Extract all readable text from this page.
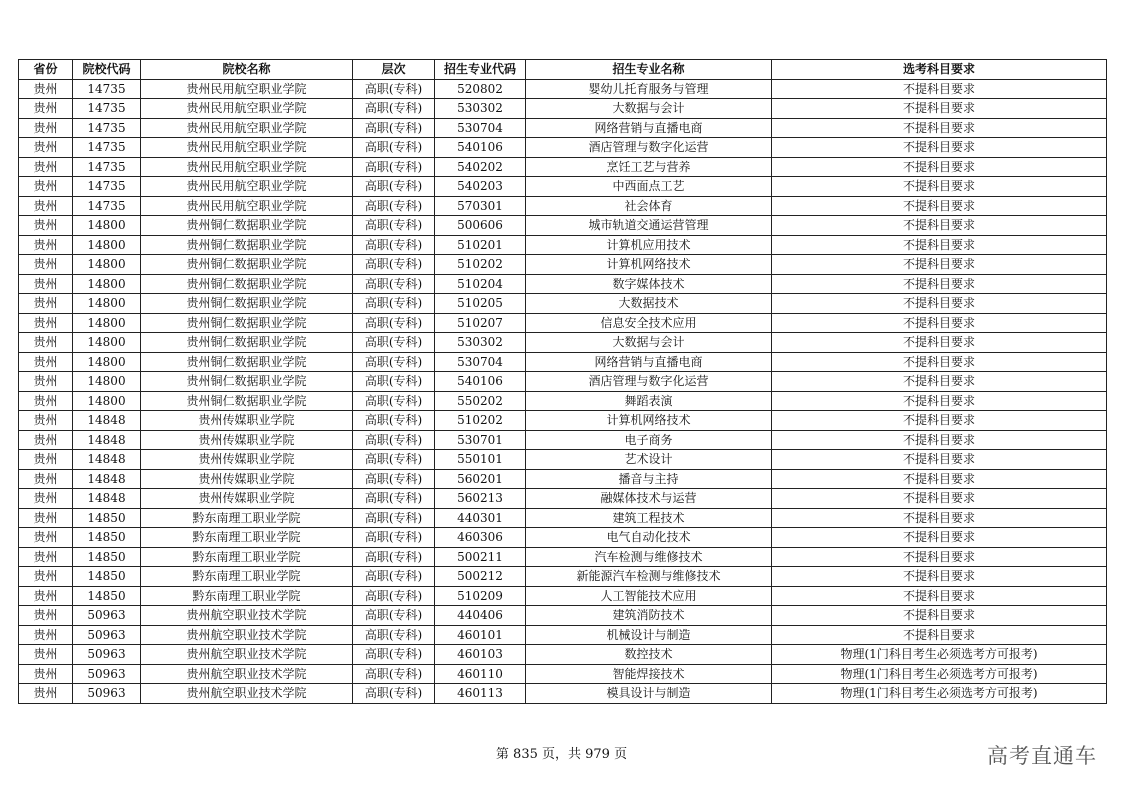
省份	院校代码	院校名称	层次	招生专业代码	招生专业名称	选考科目要求
贵州	14735	贵州民用航空职业学院	高职(专科)	520802	婴幼儿托育服务与管理	不提科目要求
贵州	14735	贵州民用航空职业学院	高职(专科)	530302	大数据与会计	不提科目要求
贵州	14735	贵州民用航空职业学院	高职(专科)	530704	网络营销与直播电商	不提科目要求
贵州	14735	贵州民用航空职业学院	高职(专科)	540106	酒店管理与数字化运营	不提科目要求
贵州	14735	贵州民用航空职业学院	高职(专科)	540202	烹饪工艺与营养	不提科目要求
贵州	14735	贵州民用航空职业学院	高职(专科)	540203	中西面点工艺	不提科目要求
贵州	14735	贵州民用航空职业学院	高职(专科)	570301	社会体育	不提科目要求
贵州	14800	贵州铜仁数据职业学院	高职(专科)	500606	城市轨道交通运营管理	不提科目要求
贵州	14800	贵州铜仁数据职业学院	高职(专科)	510201	计算机应用技术	不提科目要求
贵州	14800	贵州铜仁数据职业学院	高职(专科)	510202	计算机网络技术	不提科目要求
贵州	14800	贵州铜仁数据职业学院	高职(专科)	510204	数字媒体技术	不提科目要求
贵州	14800	贵州铜仁数据职业学院	高职(专科)	510205	大数据技术	不提科目要求
贵州	14800	贵州铜仁数据职业学院	高职(专科)	510207	信息安全技术应用	不提科目要求
贵州	14800	贵州铜仁数据职业学院	高职(专科)	530302	大数据与会计	不提科目要求
贵州	14800	贵州铜仁数据职业学院	高职(专科)	530704	网络营销与直播电商	不提科目要求
贵州	14800	贵州铜仁数据职业学院	高职(专科)	540106	酒店管理与数字化运营	不提科目要求
贵州	14800	贵州铜仁数据职业学院	高职(专科)	550202	舞蹈表演	不提科目要求
贵州	14848	贵州传媒职业学院	高职(专科)	510202	计算机网络技术	不提科目要求
贵州	14848	贵州传媒职业学院	高职(专科)	530701	电子商务	不提科目要求
贵州	14848	贵州传媒职业学院	高职(专科)	550101	艺术设计	不提科目要求
贵州	14848	贵州传媒职业学院	高职(专科)	560201	播音与主持	不提科目要求
贵州	14848	贵州传媒职业学院	高职(专科)	560213	融媒体技术与运营	不提科目要求
贵州	14850	黔东南理工职业学院	高职(专科)	440301	建筑工程技术	不提科目要求
贵州	14850	黔东南理工职业学院	高职(专科)	460306	电气自动化技术	不提科目要求
贵州	14850	黔东南理工职业学院	高职(专科)	500211	汽车检测与维修技术	不提科目要求
贵州	14850	黔东南理工职业学院	高职(专科)	500212	新能源汽车检测与维修技术	不提科目要求
贵州	14850	黔东南理工职业学院	高职(专科)	510209	人工智能技术应用	不提科目要求
贵州	50963	贵州航空职业技术学院	高职(专科)	440406	建筑消防技术	不提科目要求
贵州	50963	贵州航空职业技术学院	高职(专科)	460101	机械设计与制造	不提科目要求
贵州	50963	贵州航空职业技术学院	高职(专科)	460103	数控技术	物理(1门科目考生必须选考方可报考)
贵州	50963	贵州航空职业技术学院	高职(专科)	460110	智能焊接技术	物理(1门科目考生必须选考方可报考)
贵州	50963	贵州航空职业技术学院	高职(专科)	460113	模具设计与制造	物理(1门科目考生必须选考方可报考)
第 835 页，共 979 页	高考直通车
